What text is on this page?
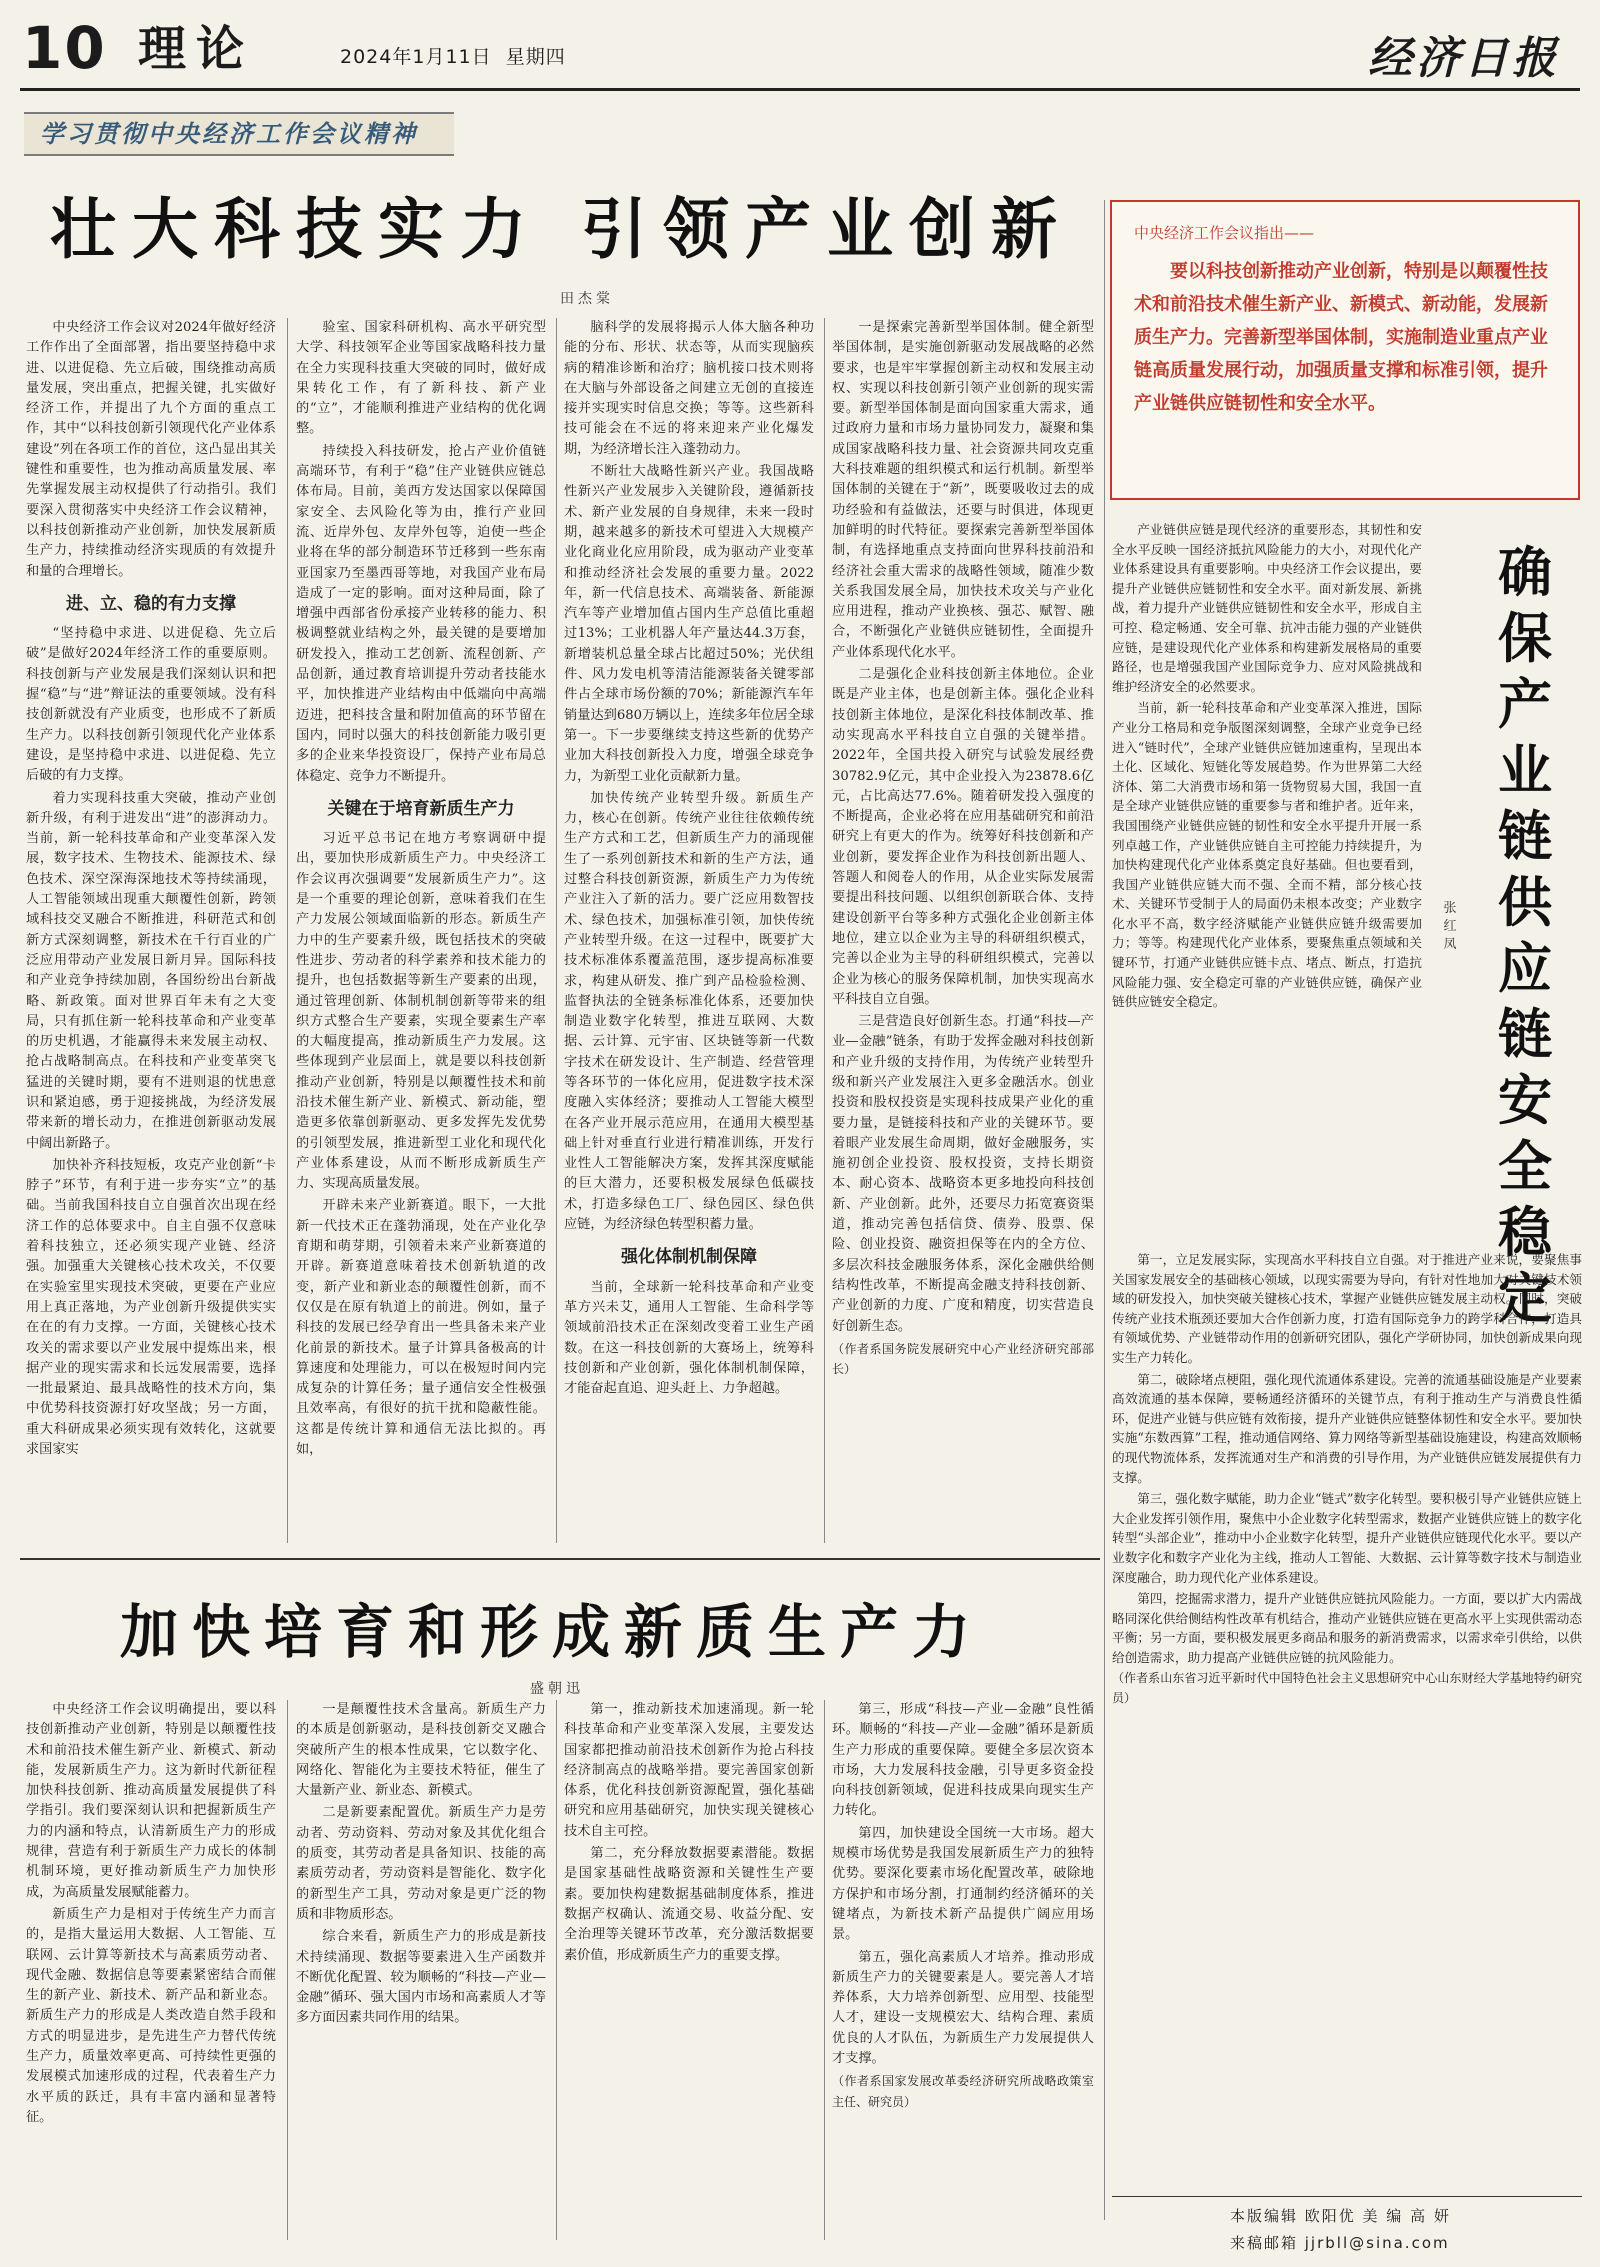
10 理论	2024年1月11日 星期四	经济日报
学习贯彻中央经济工作会议精神
壮大科技实力 引领产业创新
田杰棠

中央经济工作会议对2024年做好经济工作作出了全面部署，指出要坚持稳中求进、以进促稳、先立后破，围绕推动高质量发展，突出重点，把握关键，扎实做好经济工作，并提出了九个方面的重点工作，其中“以科技创新引领现代化产业体系建设”列在各项工作的首位，这凸显出其关键性和重要性，也为推动高质量发展、率先掌握发展主动权提供了行动指引。我们要深入贯彻落实中央经济工作会议精神，以科技创新推动产业创新，加快发展新质生产力，持续推动经济实现质的有效提升和量的合理增长。

进、立、稳的有力支撑

“坚持稳中求进、以进促稳、先立后破”是做好2024年经济工作的重要原则。科技创新与产业发展是我们深刻认识和把握“稳”与“进”辩证法的重要领域。没有科技创新就没有产业质变，也形成不了新质生产力。以科技创新引领现代化产业体系建设，是坚持稳中求进、以进促稳、先立后破的有力支撑。

着力实现科技重大突破，推动产业创新升级，有利于进发出“进”的澎湃动力。当前，新一轮科技革命和产业变革深入发展，数字技术、生物技术、能源技术、绿色技术、深空深海深地技术等持续涌现，人工智能领域出现重大颠覆性创新，跨领域科技交叉融合不断推进，科研范式和创新方式深刻调整，新技术在千行百业的广泛应用带动产业发展日新月异。国际科技和产业竞争持续加剧，各国纷纷出台新战略、新政策。面对世界百年未有之大变局，只有抓住新一轮科技革命和产业变革的历史机遇，才能赢得未来发展主动权、抢占战略制高点。在科技和产业变革突飞猛进的关键时期，要有不进则退的忧患意识和紧迫感，勇于迎接挑战，为经济发展带来新的增长动力，在推进创新驱动发展中阔出新路子。

加快补齐科技短板，攻克产业创新“卡脖子”环节，有利于进一步夯实“立”的基础。当前我国科技自立自强首次出现在经济工作的总体要求中。自主自强不仅意味着科技独立，还必须实现产业链、经济强。加强重大关键核心技术攻关，不仅要在实验室里实现技术突破，更要在产业应用上真正落地，为产业创新升级提供实实在在的有力支撑。一方面，关键核心技术攻关的需求要以产业发展中提炼出来，根据产业的现实需求和长远发展需要，选择一批最紧迫、最具战略性的技术方向，集中优势科技资源打好攻坚战；另一方面，重大科研成果必须实现有效转化，这就要求国家实

验室、国家科研机构、高水平研究型大学、科技领军企业等国家战略科技力量在全力实现科技重大突破的同时，做好成果转化工作，有了新科技、新产业的“立”，才能顺利推进产业结构的优化调整。

持续投入科技研发，抢占产业价值链高端环节，有利于“稳”住产业链供应链总体布局。目前，美西方发达国家以保障国家安全、去风险化等为由，推行产业回流、近岸外包、友岸外包等，迫使一些企业将在华的部分制造环节迁移到一些东南亚国家乃至墨西哥等地，对我国产业布局造成了一定的影响。面对这种局面，除了增强中西部省份承接产业转移的能力、积极调整就业结构之外，最关键的是要增加研发投入，推动工艺创新、流程创新、产品创新，通过教育培训提升劳动者技能水平，加快推进产业结构由中低端向中高端迈进，把科技含量和附加值高的环节留在国内，同时以强大的科技创新能力吸引更多的企业来华投资设厂，保持产业布局总体稳定、竞争力不断提升。

关键在于培育新质生产力

习近平总书记在地方考察调研中提出，要加快形成新质生产力。中央经济工作会议再次强调要“发展新质生产力”。这是一个重要的理论创新，意味着我们在生产力发展公领域面临新的形态。新质生产力中的生产要素升级，既包括技术的突破性进步、劳动者的科学素养和技术能力的提升，也包括数据等新生产要素的出现，通过管理创新、体制机制创新等带来的组织方式整合生产要素，实现全要素生产率的大幅度提高，推动新质生产力发展。这些体现到产业层面上，就是要以科技创新推动产业创新，特别是以颠覆性技术和前沿技术催生新产业、新模式、新动能，塑造更多依靠创新驱动、更多发挥先发优势的引领型发展，推进新型工业化和现代化产业体系建设，从而不断形成新质生产力、实现高质量发展。

开辟未来产业新赛道。眼下，一大批新一代技术正在蓬勃涌现，处在产业化孕育期和萌芽期，引领着未来产业新赛道的开辟。新赛道意味着技术创新轨道的改变，新产业和新业态的颠覆性创新，而不仅仅是在原有轨道上的前进。例如，量子科技的发展已经孕育出一些具备未来产业化前景的新技术。量子计算具备极高的计算速度和处理能力，可以在极短时间内完成复杂的计算任务；量子通信安全性极强且效率高，有很好的抗干扰和隐蔽性能。这都是传统计算和通信无法比拟的。再如，

脑科学的发展将揭示人体大脑各种功能的分布、形状、状态等，从而实现脑疾病的精准诊断和治疗；脑机接口技术则将在大脑与外部设备之间建立无创的直接连接并实现实时信息交换；等等。这些新科技可能会在不远的将来迎来产业化爆发期，为经济增长注入蓬勃动力。

不断壮大战略性新兴产业。我国战略性新兴产业发展步入关键阶段，遵循新技术、新产业发展的自身规律，未来一段时期，越来越多的新技术可望进入大规模产业化商业化应用阶段，成为驱动产业变革和推动经济社会发展的重要力量。2022年，新一代信息技术、高端装备、新能源汽车等产业增加值占国内生产总值比重超过13%；工业机器人年产量达44.3万套，新增装机总量全球占比超过50%；光伏组件、风力发电机等清洁能源装备关键零部件占全球市场份额的70%；新能源汽车年销量达到680万辆以上，连续多年位居全球第一。下一步要继续支持这些新的优势产业加大科技创新投入力度，增强全球竞争力，为新型工业化贡献新力量。

加快传统产业转型升级。新质生产力，核心在创新。传统产业往往依赖传统生产方式和工艺，但新质生产力的涌现催生了一系列创新技术和新的生产方法，通过整合科技创新资源，新质生产力为传统产业注入了新的活力。要广泛应用数智技术、绿色技术，加强标准引领，加快传统产业转型升级。在这一过程中，既要扩大技术标准体系覆盖范围，逐步提高标准要求，构建从研发、推广到产品检验检测、监督执法的全链条标准化体系，还要加快制造业数字化转型，推进互联网、大数据、云计算、元宇宙、区块链等新一代数字技术在研发设计、生产制造、经营管理等各环节的一体化应用，促进数字技术深度融入实体经济；要推动人工智能大模型在各产业开展示范应用，在通用大模型基础上针对垂直行业进行精准训练，开发行业性人工智能解决方案，发挥其深度赋能的巨大潜力，还要积极发展绿色低碳技术，打造多绿色工厂、绿色园区、绿色供应链，为经济绿色转型积蓄力量。

强化体制机制保障

当前，全球新一轮科技革命和产业变革方兴未艾，通用人工智能、生命科学等领域前沿技术正在深刻改变着工业生产函数。在这一科技创新的大赛场上，统筹科技创新和产业创新，强化体制机制保障，才能奋起直追、迎头赶上、力争超越。

一是探索完善新型举国体制。健全新型举国体制，是实施创新驱动发展战略的必然要求，也是牢牢掌握创新主动权和发展主动权、实现以科技创新引领产业创新的现实需要。新型举国体制是面向国家重大需求，通过政府力量和市场力量协同发力，凝聚和集成国家战略科技力量、社会资源共同攻克重大科技难题的组织模式和运行机制。新型举国体制的关键在于“新”，既要吸收过去的成功经验和有益做法，还要与时俱进，体现更加鲜明的时代特征。要探索完善新型举国体制，有选择地重点支持面向世界科技前沿和经济社会重大需求的战略性领域，随准少数关系我国发展全局，加快技术攻关与产业化应用进程，推动产业换核、强芯、赋智、融合，不断强化产业链供应链韧性，全面提升产业体系现代化水平。

二是强化企业科技创新主体地位。企业既是产业主体，也是创新主体。强化企业科技创新主体地位，是深化科技体制改革、推动实现高水平科技自立自强的关键举措。2022年，全国共投入研究与试验发展经费30782.9亿元，其中企业投入为23878.6亿元，占比高达77.6%。随着研发投入强度的不断提高，企业必将在应用基础研究和前沿研究上有更大的作为。统筹好科技创新和产业创新，要发挥企业作为科技创新出题人、答题人和阅卷人的作用，从企业实际发展需要提出科技问题、以组织创新联合体、支持建设创新平台等多种方式强化企业创新主体地位，建立以企业为主导的科研组织模式，完善以企业为主导的科研组织模式，完善以企业为核心的服务保障机制，加快实现高水平科技自立自强。

三是营造良好创新生态。打通“科技—产业—金融”链条，有助于发挥金融对科技创新和产业升级的支持作用，为传统产业转型升级和新兴产业发展注入更多金融活水。创业投资和股权投资是实现科技成果产业化的重要力量，是链接科技和产业的关键环节。要着眼产业发展生命周期，做好金融服务，实施初创企业投资、股权投资，支持长期资本、耐心资本、战略资本更多地投向科技创新、产业创新。此外，还要尽力拓宽赛资渠道，推动完善包括信贷、债券、股票、保险、创业投资、融资担保等在内的全方位、多层次科技金融服务体系，深化金融供给侧结构性改革，不断提高金融支持科技创新、产业创新的力度、广度和精度，切实营造良好创新生态。

（作者系国务院发展研究中心产业经济研究部部长）

中央经济工作会议指出——
要以科技创新推动产业创新，特别是以颠覆性技术和前沿技术催生新产业、新模式、新动能，发展新质生产力。完善新型举国体制，实施制造业重点产业链高质量发展行动，加强质量支撑和标准引领，提升产业链供应链韧性和安全水平。
确保产业链供应链安全稳定
张红凤

产业链供应链是现代经济的重要形态，其韧性和安全水平反映一国经济抵抗风险能力的大小，对现代化产业体系建设具有重要影响。中央经济工作会议提出，要提升产业链供应链韧性和安全水平。面对新发展、新挑战，着力提升产业链供应链韧性和安全水平，形成自主可控、稳定畅通、安全可靠、抗冲击能力强的产业链供应链，是建设现代化产业体系和构建新发展格局的重要路径，也是增强我国产业国际竞争力、应对风险挑战和维护经济安全的必然要求。

当前，新一轮科技革命和产业变革深入推进，国际产业分工格局和竞争版图深刻调整，全球产业竞争已经进入“链时代”，全球产业链供应链加速重构，呈现出本土化、区域化、短链化等发展趋势。作为世界第二大经济体、第二大消费市场和第一货物贸易大国，我国一直是全球产业链供应链的重要参与者和维护者。近年来，我国围绕产业链供应链的韧性和安全水平提升开展一系列卓越工作，产业链供应链自主可控能力持续提升，为加快构建现代化产业体系奠定良好基础。但也要看到，我国产业链供应链大而不强、全而不精，部分核心技术、关键环节受制于人的局面仍未根本改变；产业数字化水平不高，数字经济赋能产业链供应链升级需要加力；等等。构建现代化产业体系，要聚焦重点领域和关键环节，打通产业链供应链卡点、堵点、断点，打造抗风险能力强、安全稳定可靠的产业链供应链，确保产业链供应链安全稳定。

第一，立足发展实际，实现高水平科技自立自强。对于推进产业来说，要聚焦事关国家发展安全的基础核心领域，以现实需要为导向，有针对性地加大对关键技术领域的研发投入，加快突破关键核心技术，掌握产业链供应链发展主动权。同时，突破传统产业技术瓶颈还要加大合作创新力度，打造有国际竞争力的跨学科合作，打造具有领域优势、产业链带动作用的创新研究团队，强化产学研协同，加快创新成果向现实生产力转化。

第二，破除堵点梗阻，强化现代流通体系建设。完善的流通基础设施是产业要素高效流通的基本保障，要畅通经济循环的关键节点，有利于推动生产与消费良性循环，促进产业链与供应链有效衔接，提升产业链供应链整体韧性和安全水平。要加快实施“东数西算”工程，推动通信网络、算力网络等新型基础设施建设，构建高效顺畅的现代物流体系，发挥流通对生产和消费的引导作用，为产业链供应链发展提供有力支撑。

第三，强化数字赋能，助力企业“链式”数字化转型。要积极引导产业链供应链上大企业发挥引领作用，聚焦中小企业数字化转型需求，数据产业链供应链上的数字化转型“头部企业”，推动中小企业数字化转型，提升产业链供应链现代化水平。要以产业数字化和数字产业化为主线，推动人工智能、大数据、云计算等数字技术与制造业深度融合，助力现代化产业体系建设。

第四，挖掘需求潜力，提升产业链供应链抗风险能力。一方面，要以扩大内需战略同深化供给侧结构性改革有机结合，推动产业链供应链在更高水平上实现供需动态平衡；另一方面，要积极发展更多商品和服务的新消费需求，以需求牵引供给，以供给创造需求，助力提高产业链供应链的抗风险能力。

（作者系山东省习近平新时代中国特色社会主义思想研究中心山东财经大学基地特约研究员）

加快培育和形成新质生产力
盛朝迅

中央经济工作会议明确提出，要以科技创新推动产业创新，特别是以颠覆性技术和前沿技术催生新产业、新模式、新动能，发展新质生产力。这为新时代新征程加快科技创新、推动高质量发展提供了科学指引。我们要深刻认识和把握新质生产力的内涵和特点，认清新质生产力的形成规律，营造有利于新质生产力成长的体制机制环境，更好推动新质生产力加快形成，为高质量发展赋能蓄力。

新质生产力是相对于传统生产力而言的，是指大量运用大数据、人工智能、互联网、云计算等新技术与高素质劳动者、现代金融、数据信息等要素紧密结合而催生的新产业、新技术、新产品和新业态。新质生产力的形成是人类改造自然手段和方式的明显进步，是先进生产力替代传统生产力，质量效率更高、可持续性更强的发展模式加速形成的过程，代表着生产力水平质的跃迁，具有丰富内涵和显著特征。

一是颠覆性技术含量高。新质生产力的本质是创新驱动，是科技创新交叉融合突破所产生的根本性成果，它以数字化、网络化、智能化为主要技术特征，催生了大量新产业、新业态、新模式。

二是新要素配置优。新质生产力是劳动者、劳动资料、劳动对象及其优化组合的质变，其劳动者是具备知识、技能的高素质劳动者，劳动资料是智能化、数字化的新型生产工具，劳动对象是更广泛的物质和非物质形态。

综合来看，新质生产力的形成是新技术持续涌现、数据等要素进入生产函数并不断优化配置、较为顺畅的“科技—产业—金融”循环、强大国内市场和高素质人才等多方面因素共同作用的结果。

第一，推动新技术加速涌现。新一轮科技革命和产业变革深入发展，主要发达国家都把推动前沿技术创新作为抢占科技经济制高点的战略举措。要完善国家创新体系，优化科技创新资源配置，强化基础研究和应用基础研究，加快实现关键核心技术自主可控。

第二，充分释放数据要素潜能。数据是国家基础性战略资源和关键性生产要素。要加快构建数据基础制度体系，推进数据产权确认、流通交易、收益分配、安全治理等关键环节改革，充分激活数据要素价值，形成新质生产力的重要支撑。

第三，形成“科技—产业—金融”良性循环。顺畅的“科技—产业—金融”循环是新质生产力形成的重要保障。要健全多层次资本市场，大力发展科技金融，引导更多资金投向科技创新领域，促进科技成果向现实生产力转化。

第四，加快建设全国统一大市场。超大规模市场优势是我国发展新质生产力的独特优势。要深化要素市场化配置改革，破除地方保护和市场分割，打通制约经济循环的关键堵点，为新技术新产品提供广阔应用场景。

第五，强化高素质人才培养。推动形成新质生产力的关键要素是人。要完善人才培养体系，大力培养创新型、应用型、技能型人才，建设一支规模宏大、结构合理、素质优良的人才队伍，为新质生产力发展提供人才支撑。

（作者系国家发展改革委经济研究所战略政策室主任、研究员）

本版编辑 欧阳优 美 编 高 妍
来稿邮箱 jjrbll@sina.com
